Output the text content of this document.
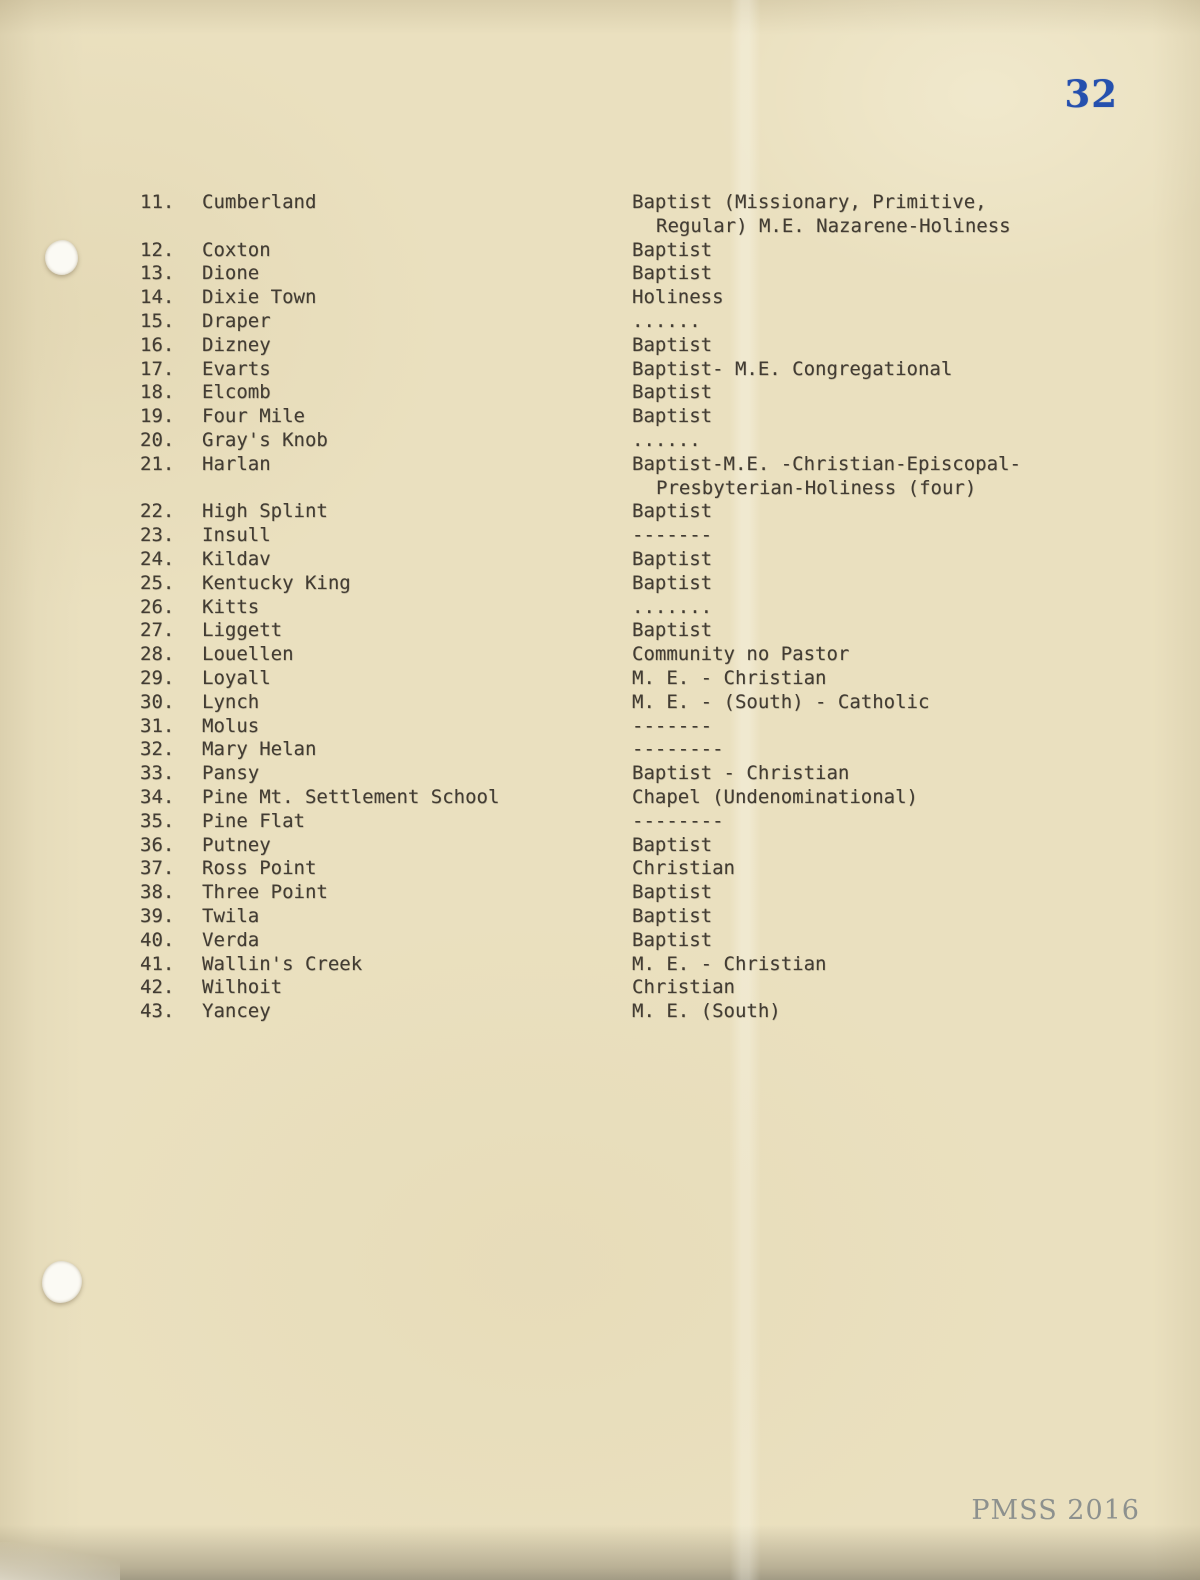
32
11.	Cumberland	Baptist (Missionary, Primitive,
Regular) M.E. Nazarene-Holiness
12.	Coxton	Baptist
13.	Dione	Baptist
14.	Dixie Town	Holiness
15.	Draper	......
16.	Dizney	Baptist
17.	Evarts	Baptist- M.E. Congregational
18.	Elcomb	Baptist
19.	Four Mile	Baptist
20.	Gray's Knob	......
21.	Harlan	Baptist-M.E. -Christian-Episcopal-
Presbyterian-Holiness (four)
22.	High Splint	Baptist
23.	Insull	-------
24.	Kildav	Baptist
25.	Kentucky King	Baptist
26.	Kitts	.......
27.	Liggett	Baptist
28.	Louellen	Community no Pastor
29.	Loyall	M. E. - Christian
30.	Lynch	M. E. - (South) - Catholic
31.	Molus	-------
32.	Mary Helan	--------
33.	Pansy	Baptist - Christian
34.	Pine Mt. Settlement School	Chapel (Undenominational)
35.	Pine Flat	--------
36.	Putney	Baptist
37.	Ross Point	Christian
38.	Three Point	Baptist
39.	Twila	Baptist
40.	Verda	Baptist
41.	Wallin's Creek	M. E. - Christian
42.	Wilhoit	Christian
43.	Yancey	M. E. (South)
PMSS 2016
